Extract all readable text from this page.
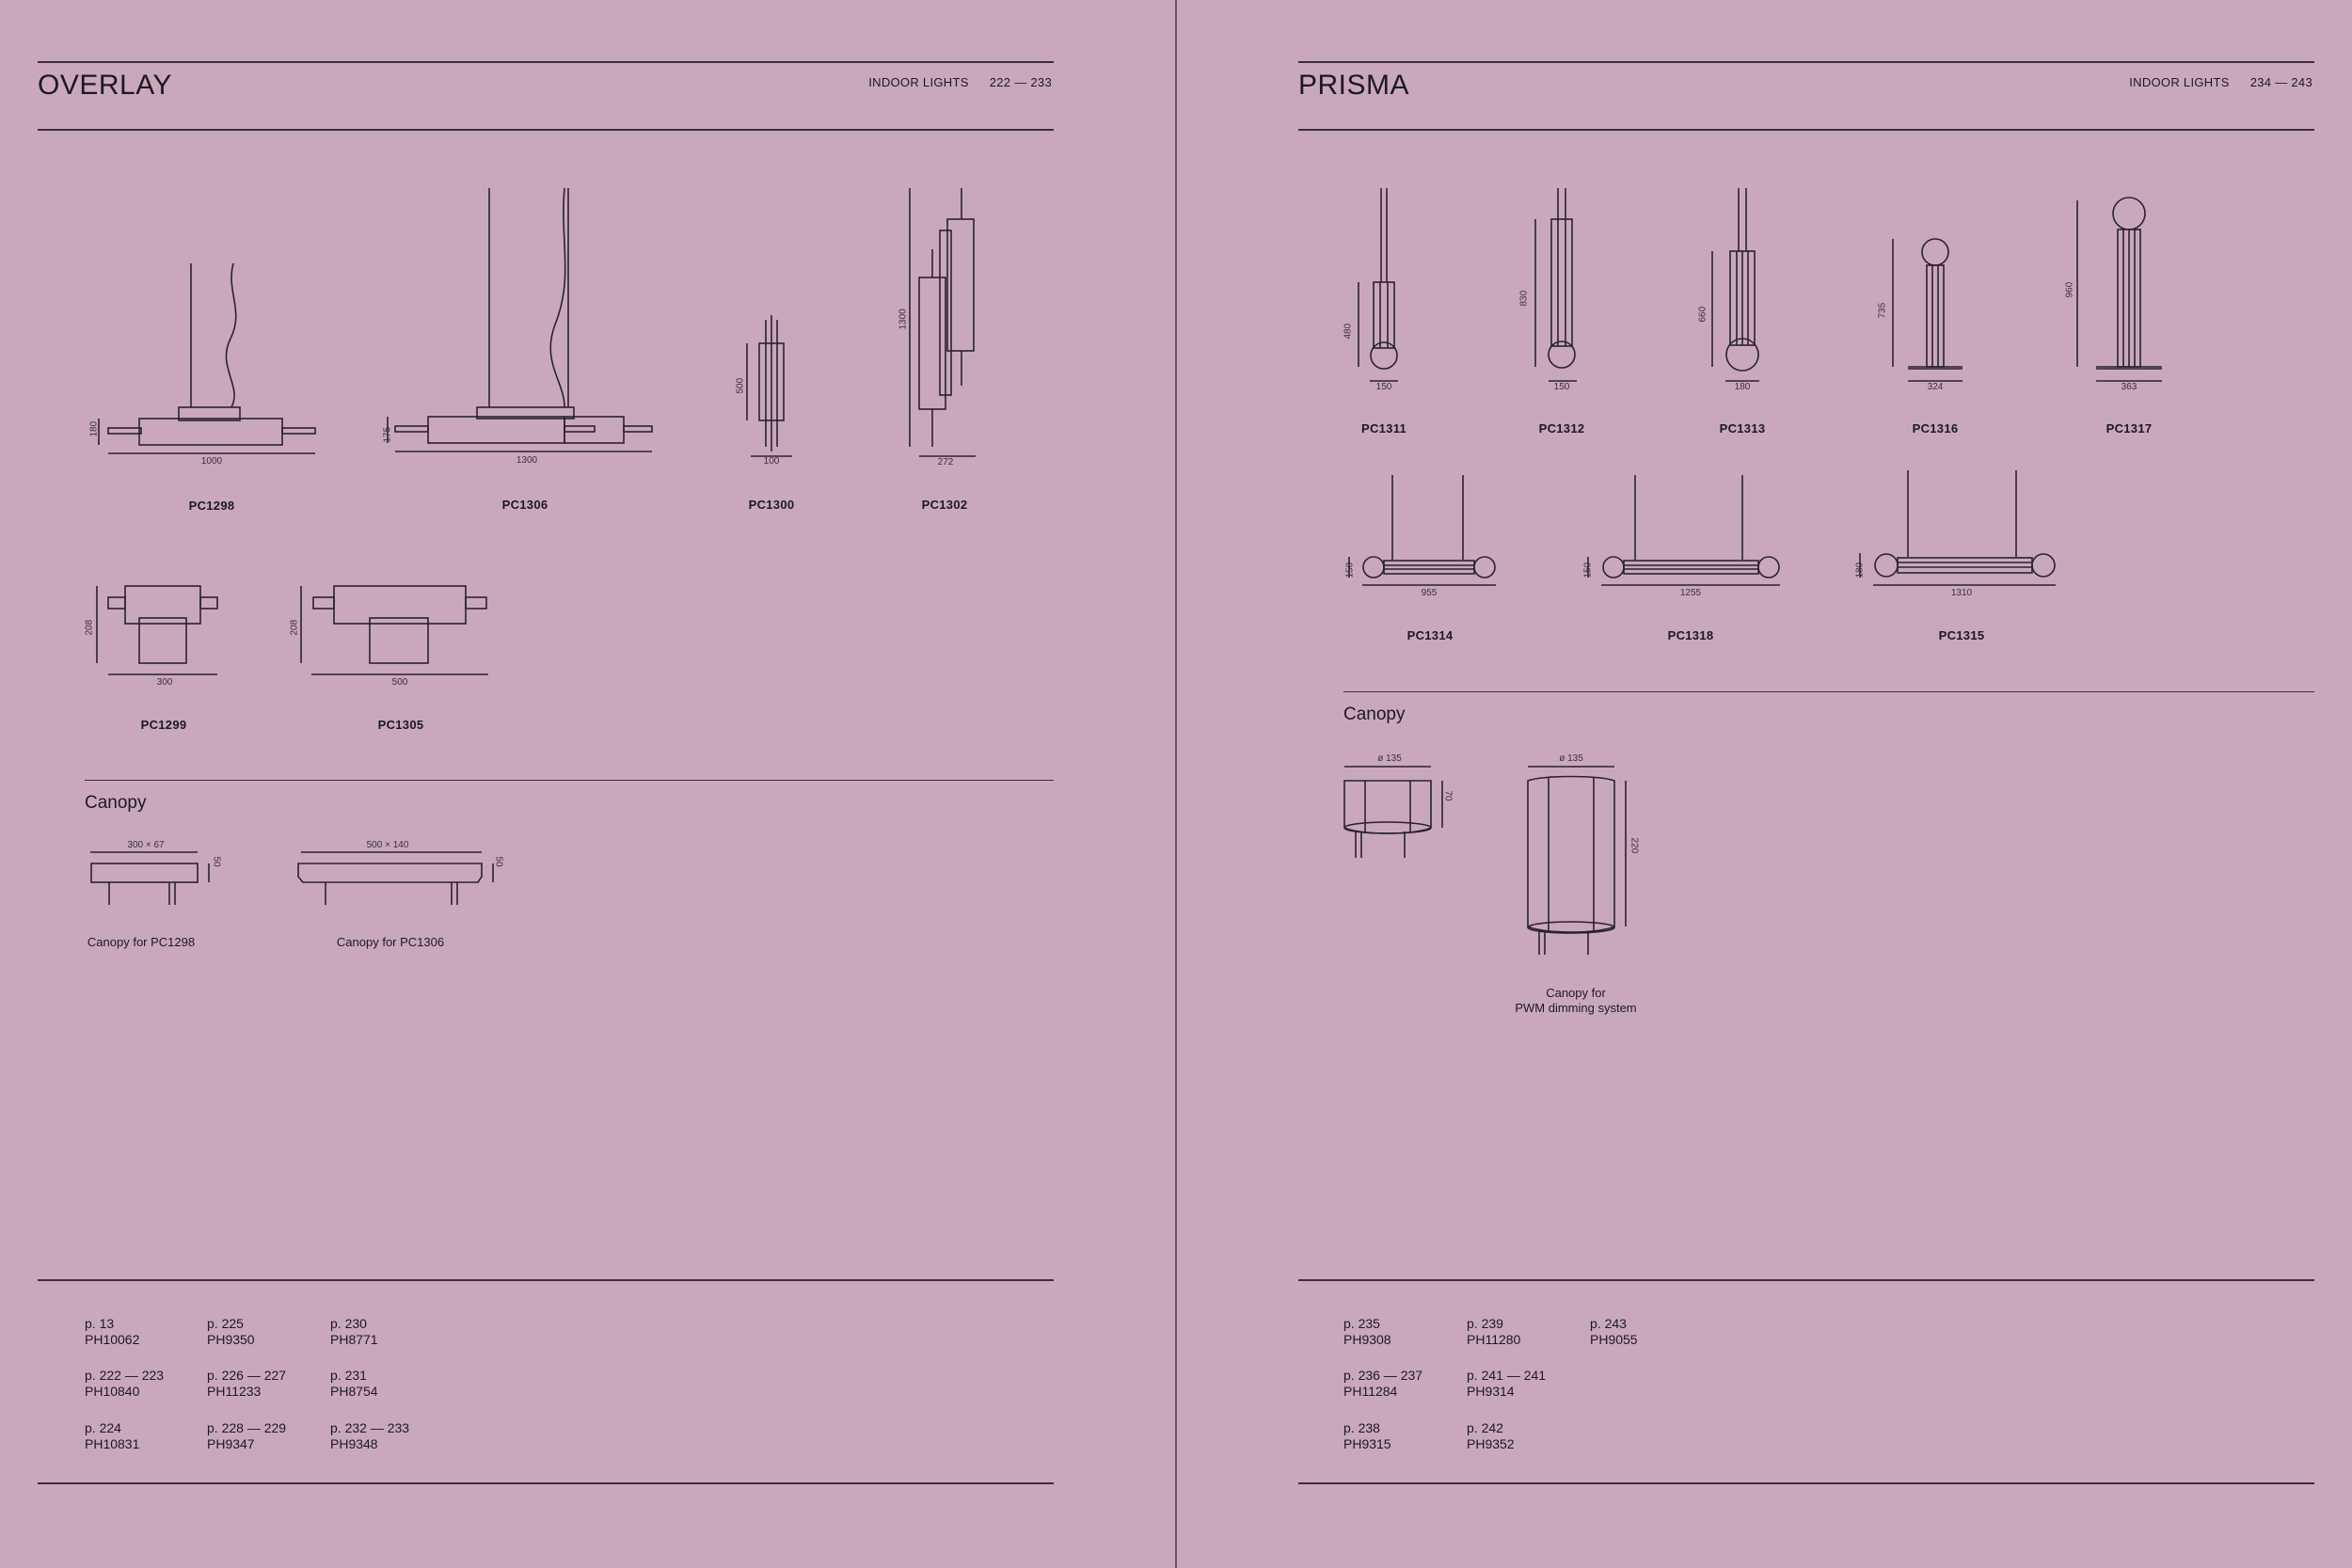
OVERLAY	INDOOR LIGHTS 222 — 233
180
1000
PC1298
175
1300
PC1306
500
100
PC1300
1300
272
PC1302
208
300
PC1299
208
500
PC1305
Canopy
300 × 67
50
Canopy for PC1298
500 × 140
50
Canopy for PC1306
p. 13
PH10062
p. 225
PH9350
p. 230
PH8771
p. 222 — 223
PH10840
p. 226 — 227
PH11233
p. 231
PH8754
p. 224
PH10831
p. 228 — 229
PH9347
p. 232 — 233
PH9348
PRISMA	INDOOR LIGHTS 234 — 243
480
150
PC1311
830
150
PC1312
660
180
PC1313
735
324
PC1316
960
363
PC1317
150
955
PC1314
150
1255
PC1318
180
1310
PC1315
Canopy
ø 135
70
ø 135
220
Canopy for
PWM dimming system
p. 235
PH9308
p. 239
PH11280
p. 243
PH9055
p. 236 — 237
PH11284
p. 241 — 241
PH9314
p. 238
PH9315
p. 242
PH9352
